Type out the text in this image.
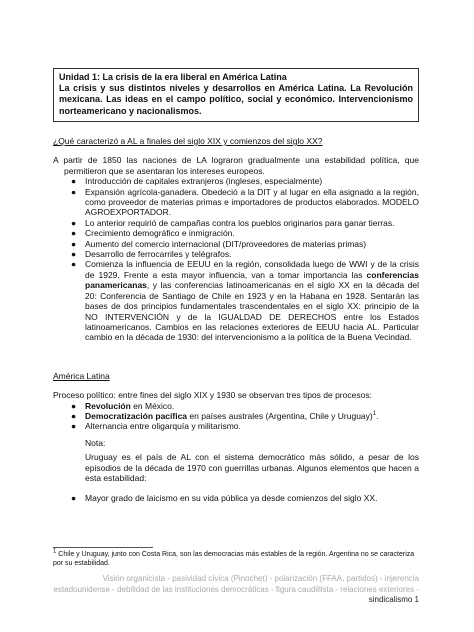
Unidad 1: La crisis de la era liberal en América Latina
La crisis y sus distintos niveles y desarrollos en América Latina. La Revolución mexicana. Las ideas en el campo político, social y económico. Intervencionismo norteamericano y nacionalismos.

¿Qué caracterizó a AL a finales del siglo XIX y comienzos del siglo XX?

A partir de 1850 las naciones de LA lograron gradualmente una estabilidad política, que permitieron que se asentaran los intereses europeos.

● Introducción de capitales extranjeros (ingleses, especialmente)
● Expansión agrícola-ganadera. Obedeció a la DIT y al lugar en ella asignado a la región, como proveedor de materias primas e importadores de productos elaborados. MODELO AGROEXPORTADOR.
● Lo anterior requirió de campañas contra los pueblos originarios para ganar tierras.
● Crecimiento demográfico e inmigración.
● Aumento del comercio internacional (DIT/proveedores de materias primas)
● Desarrollo de ferrocarriles y telégrafos.
● Comienza la influencia de EEUU en la región, consolidada luego de WWI y de la crisis de 1929. Frente a esta mayor influencia, van a tomar importancia las conferencias panamericanas, y las conferencias latinoamericanas en el siglo XX en la década del 20: Conferencia de Santiago de Chile en 1923 y en la Habana en 1928. Sentarán las bases de dos principios fundamentales trascendentales en el siglo XX: principio de la NO INTERVENCIÓN y de la IGUALDAD DE DERECHOS entre los Estados latinoamericanos. Cambios en las relaciones exteriores de EEUU hacia AL. Particular cambio en la década de 1930: del intervencionismo a la política de la Buena Vecindad.

América Latina

Proceso político: entre fines del siglo XIX y 1930 se observan tres tipos de procesos:

● Revolución en México.
● Democratización pacífica en países australes (Argentina, Chile y Uruguay)$^1$.
● Alternancia entre oligarquía y militarismo.

Nota:

Uruguay es el país de AL con el sistema democrático más sólido, a pesar de los episodios de la década de 1970 con guerrillas urbanas. Algunos elementos que hacen a esta estabilidad:

● Mayor grado de laicismo en su vida pública ya desde comienzos del siglo XX.
$^1$ Chile y Uruguay, junto con Costa Rica, son las democracias más estables de la región. Argentina no se caracteriza por su estabilidad.
Visión organicista - pasividad cívica (Pinochet) - polarización (FFAA, partidos) - injerencia estadounidense - debilidad de las instituciones democráticas - figura caudillista - relaciones exteriores - sindicalismo 1
